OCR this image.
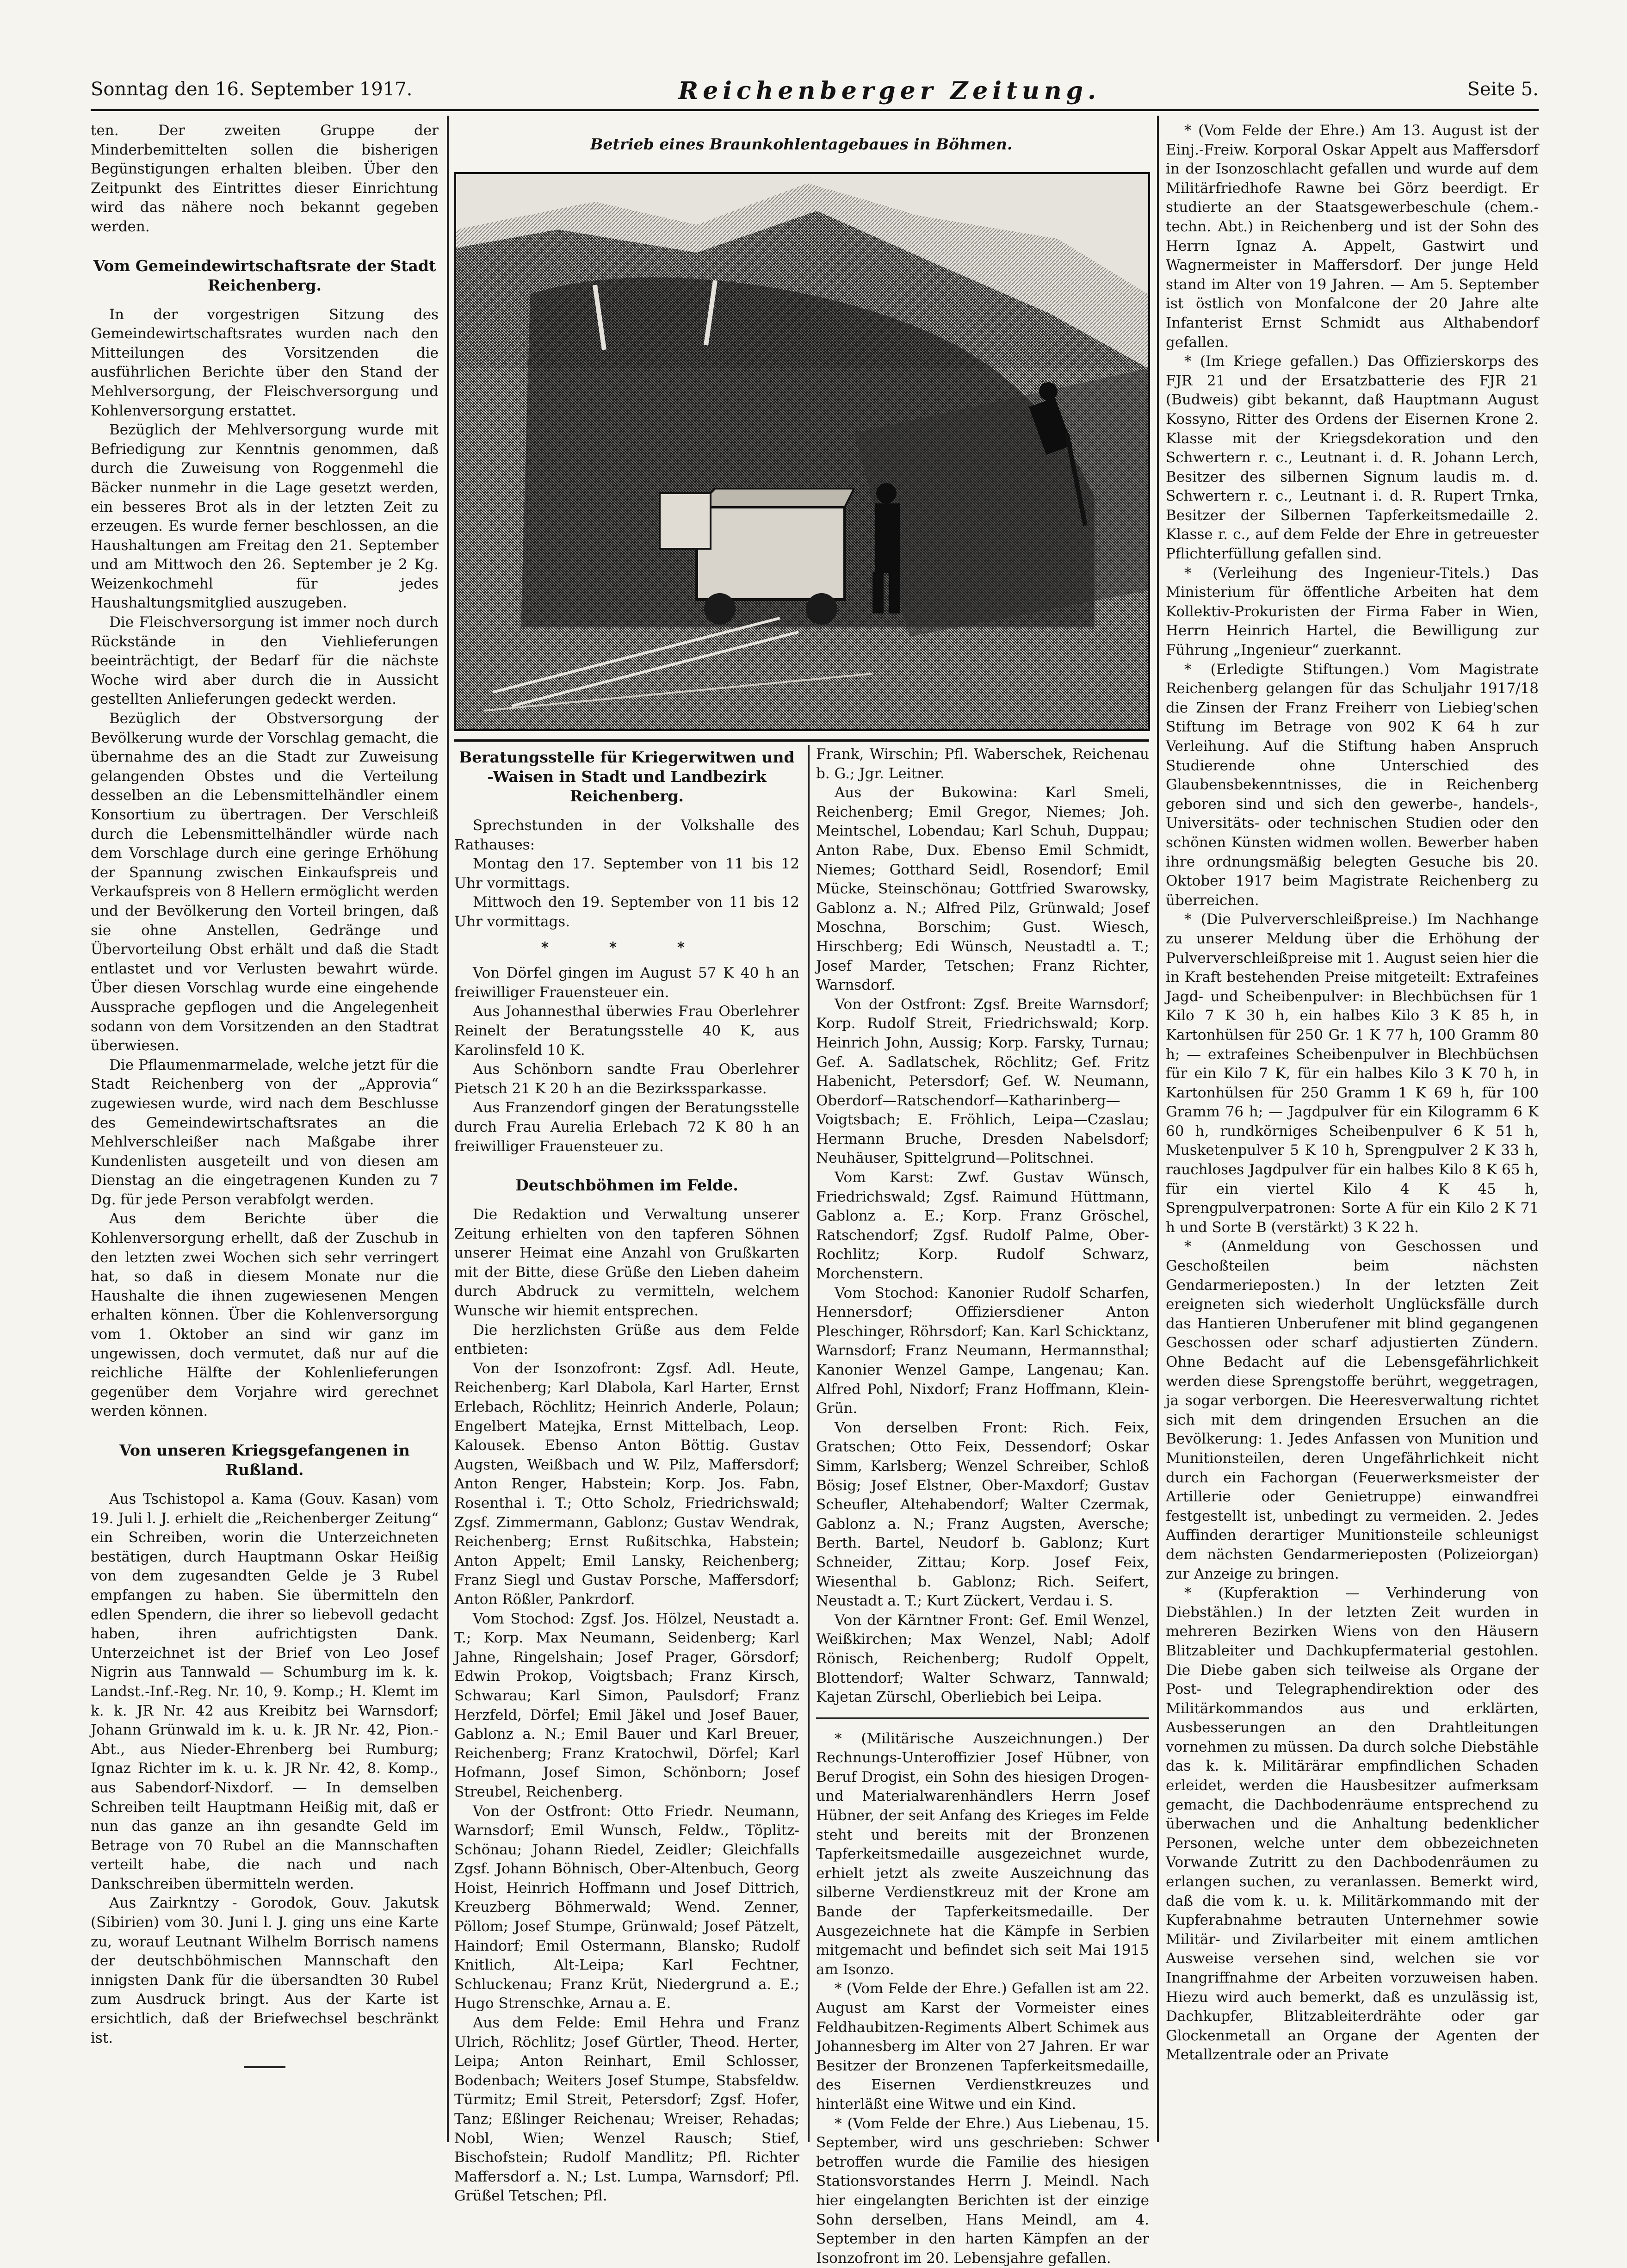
Sonntag den 16. September 1917.	Reichenberger Zeitung.	Seite 5.

ten. Der zweiten Gruppe der Minderbemittelten sollen die bisherigen Begünstigungen erhalten bleiben. Über den Zeitpunkt des Eintrittes dieser Einrichtung wird das nähere noch bekannt gegeben werden.

Vom Gemeindewirtschaftsrate der Stadt Reichenberg.

In der vorgestrigen Sitzung des Gemeindewirtschaftsrates wurden nach den Mitteilungen des Vorsitzenden die ausführlichen Berichte über den Stand der Mehlversorgung, der Fleischversorgung und Kohlenversorgung erstattet.

Bezüglich der Mehlversorgung wurde mit Befriedigung zur Kenntnis genommen, daß durch die Zuweisung von Roggenmehl die Bäcker nunmehr in die Lage gesetzt werden, ein besseres Brot als in der letzten Zeit zu erzeugen. Es wurde ferner beschlossen, an die Haushaltungen am Freitag den 21. September und am Mittwoch den 26. September je 2 Kg. Weizenkochmehl für jedes Haushaltungsmitglied auszugeben.

Die Fleischversorgung ist immer noch durch Rückstände in den Viehlieferungen beeinträchtigt, der Bedarf für die nächste Woche wird aber durch die in Aussicht gestellten Anlieferungen gedeckt werden.

Bezüglich der Obstversorgung der Bevölkerung wurde der Vorschlag gemacht, die übernahme des an die Stadt zur Zuweisung gelangenden Obstes und die Verteilung desselben an die Lebensmittelhändler einem Konsortium zu übertragen. Der Verschleiß durch die Lebensmittelhändler würde nach dem Vorschlage durch eine geringe Erhöhung der Spannung zwischen Einkaufspreis und Verkaufspreis von 8 Hellern ermöglicht werden und der Bevölkerung den Vorteil bringen, daß sie ohne Anstellen, Gedränge und Übervorteilung Obst erhält und daß die Stadt entlastet und vor Verlusten bewahrt würde. Über diesen Vorschlag wurde eine eingehende Aussprache gepflogen und die Angelegenheit sodann von dem Vorsitzenden an den Stadtrat überwiesen.

Die Pflaumenmarmelade, welche jetzt für die Stadt Reichenberg von der „Approvia“ zugewiesen wurde, wird nach dem Beschlusse des Gemeindewirtschaftsrates an die Mehlverschleißer nach Maßgabe ihrer Kundenlisten ausgeteilt und von diesen am Dienstag an die eingetragenen Kunden zu 7 Dg. für jede Person verabfolgt werden.

Aus dem Berichte über die Kohlenversorgung erhellt, daß der Zuschub in den letzten zwei Wochen sich sehr verringert hat, so daß in diesem Monate nur die Haushalte die ihnen zugewiesenen Mengen erhalten können. Über die Kohlenversorgung vom 1. Oktober an sind wir ganz im ungewissen, doch vermutet, daß nur auf die reichliche Hälfte der Kohlenlieferungen gegenüber dem Vorjahre wird gerechnet werden können.

Von unseren Kriegsgefangenen in Rußland.

Aus Tschistopol a. Kama (Gouv. Kasan) vom 19. Juli l. J. erhielt die „Reichenberger Zeitung“ ein Schreiben, worin die Unterzeichneten bestätigen, durch Hauptmann Oskar Heißig von dem zugesandten Gelde je 3 Rubel empfangen zu haben. Sie übermitteln den edlen Spendern, die ihrer so liebevoll gedacht haben, ihren aufrichtigsten Dank. Unterzeichnet ist der Brief von Leo Josef Nigrin aus Tannwald — Schumburg im k. k. Landst.-Inf.-Reg. Nr. 10, 9. Komp.; H. Klemt im k. k. JR Nr. 42 aus Kreibitz bei Warnsdorf; Johann Grünwald im k. u. k. JR Nr. 42, Pion.-Abt., aus Nieder-Ehrenberg bei Rumburg; Ignaz Richter im k. u. k. JR Nr. 42, 8. Komp., aus Sabendorf-Nixdorf. — In demselben Schreiben teilt Hauptmann Heißig mit, daß er nun das ganze an ihn gesandte Geld im Betrage von 70 Rubel an die Mannschaften verteilt habe, die nach und nach Dankschreiben übermitteln werden.

Aus Zairkntzy - Gorodok, Gouv. Jakutsk (Sibirien) vom 30. Juni l. J. ging uns eine Karte zu, worauf Leutnant Wilhelm Borrisch namens der deutschböhmischen Mannschaft den innigsten Dank für die übersandten 30 Rubel zum Ausdruck bringt. Aus der Karte ist ersichtlich, daß der Briefwechsel beschränkt ist.

Betrieb eines Braunkohlentagebaues in Böhmen.
Beratungsstelle für Kriegerwitwen und -Waisen in Stadt und Landbezirk Reichenberg.

Sprechstunden in der Volkshalle des Rathauses:

Montag den 17. September von 11 bis 12 Uhr vormittags.

Mittwoch den 19. September von 11 bis 12 Uhr vormittags.

* * *

Von Dörfel gingen im August 57 K 40 h an freiwilliger Frauensteuer ein.

Aus Johannesthal überwies Frau Oberlehrer Reinelt der Beratungsstelle 40 K, aus Karolinsfeld 10 K.

Aus Schönborn sandte Frau Oberlehrer Pietsch 21 K 20 h an die Bezirkssparkasse.

Aus Franzendorf gingen der Beratungsstelle durch Frau Aurelia Erlebach 72 K 80 h an freiwilliger Frauensteuer zu.

Deutschböhmen im Felde.

Die Redaktion und Verwaltung unserer Zeitung erhielten von den tapferen Söhnen unserer Heimat eine Anzahl von Grußkarten mit der Bitte, diese Grüße den Lieben daheim durch Abdruck zu vermitteln, welchem Wunsche wir hiemit entsprechen.

Die herzlichsten Grüße aus dem Felde entbieten:

Von der Isonzofront: Zgsf. Adl. Heute, Reichenberg; Karl Dlabola, Karl Harter, Ernst Erlebach, Röchlitz; Heinrich Anderle, Polaun; Engelbert Matejka, Ernst Mittelbach, Leop. Kalousek. Ebenso Anton Böttig. Gustav Augsten, Weißbach und W. Pilz, Maffersdorf; Anton Renger, Habstein; Korp. Jos. Fabn, Rosenthal i. T.; Otto Scholz, Friedrichswald; Zgsf. Zimmermann, Gablonz; Gustav Wendrak, Reichenberg; Ernst Rußitschka, Habstein; Anton Appelt; Emil Lansky, Reichenberg; Franz Siegl und Gustav Porsche, Maffersdorf; Anton Rößler, Pankrdorf.

Vom Stochod: Zgsf. Jos. Hölzel, Neustadt a. T.; Korp. Max Neumann, Seidenberg; Karl Jahne, Ringelshain; Josef Prager, Görsdorf; Edwin Prokop, Voigtsbach; Franz Kirsch, Schwarau; Karl Simon, Paulsdorf; Franz Herzfeld, Dörfel; Emil Jäkel und Josef Bauer, Gablonz a. N.; Emil Bauer und Karl Breuer, Reichenberg; Franz Kratochwil, Dörfel; Karl Hofmann, Josef Simon, Schönborn; Josef Streubel, Reichenberg.

Von der Ostfront: Otto Friedr. Neumann, Warnsdorf; Emil Wunsch, Feldw., Töplitz-Schönau; Johann Riedel, Zeidler; Gleichfalls Zgsf. Johann Böhnisch, Ober-Altenbuch, Georg Hoist, Heinrich Hoffmann und Josef Dittrich, Kreuzberg Böhmerwald; Wend. Zenner, Pöllom; Josef Stumpe, Grünwald; Josef Pätzelt, Haindorf; Emil Ostermann, Blansko; Rudolf Knitlich, Alt-Leipa; Karl Fechtner, Schluckenau; Franz Krüt, Niedergrund a. E.; Hugo Strenschke, Arnau a. E.

Aus dem Felde: Emil Hehra und Franz Ulrich, Röchlitz; Josef Gürtler, Theod. Herter, Leipa; Anton Reinhart, Emil Schlosser, Bodenbach; Weiters Josef Stumpe, Stabsfeldw. Türmitz; Emil Streit, Petersdorf; Zgsf. Hofer, Tanz; Eßlinger Reichenau; Wreiser, Rehadas; Nobl, Wien; Wenzel Rausch; Stief, Bischofstein; Rudolf Mandlitz; Pfl. Richter Maffersdorf a. N.; Lst. Lumpa, Warnsdorf; Pfl. Grüßel Tetschen; Pfl.

Frank, Wirschin; Pfl. Waberschek, Reichenau b. G.; Jgr. Leitner.

Aus der Bukowina: Karl Smeli, Reichenberg; Emil Gregor, Niemes; Joh. Meintschel, Lobendau; Karl Schuh, Duppau; Anton Rabe, Dux. Ebenso Emil Schmidt, Niemes; Gotthard Seidl, Rosendorf; Emil Mücke, Steinschönau; Gottfried Swarowsky, Gablonz a. N.; Alfred Pilz, Grünwald; Josef Moschna, Borschim; Gust. Wiesch, Hirschberg; Edi Wünsch, Neustadtl a. T.; Josef Marder, Tetschen; Franz Richter, Warnsdorf.

Von der Ostfront: Zgsf. Breite Warnsdorf; Korp. Rudolf Streit, Friedrichswald; Korp. Heinrich John, Aussig; Korp. Farsky, Turnau; Gef. A. Sadlatschek, Röchlitz; Gef. Fritz Habenicht, Petersdorf; Gef. W. Neumann, Oberdorf—Ratschendorf—Katharinberg—Voigtsbach; E. Fröhlich, Leipa—Czaslau; Hermann Bruche, Dresden Nabelsdorf; Neuhäuser, Spittelgrund—Politschnei.

Vom Karst: Zwf. Gustav Wünsch, Friedrichswald; Zgsf. Raimund Hüttmann, Gablonz a. E.; Korp. Franz Gröschel, Ratschendorf; Zgsf. Rudolf Palme, Ober-Rochlitz; Korp. Rudolf Schwarz, Morchenstern.

Vom Stochod: Kanonier Rudolf Scharfen, Hennersdorf; Offiziersdiener Anton Pleschinger, Röhrsdorf; Kan. Karl Schicktanz, Warnsdorf; Franz Neumann, Hermannsthal; Kanonier Wenzel Gampe, Langenau; Kan. Alfred Pohl, Nixdorf; Franz Hoffmann, Klein-Grün.

Von derselben Front: Rich. Feix, Gratschen; Otto Feix, Dessendorf; Oskar Simm, Karlsberg; Wenzel Schreiber, Schloß Bösig; Josef Elstner, Ober-Maxdorf; Gustav Scheufler, Altehabendorf; Walter Czermak, Gablonz a. N.; Franz Augsten, Aversche; Berth. Bartel, Neudorf b. Gablonz; Kurt Schneider, Zittau; Korp. Josef Feix, Wiesenthal b. Gablonz; Rich. Seifert, Neustadt a. T.; Kurt Zückert, Verdau i. S.

Von der Kärntner Front: Gef. Emil Wenzel, Weißkirchen; Max Wenzel, Nabl; Adolf Rönisch, Reichenberg; Rudolf Oppelt, Blottendorf; Walter Schwarz, Tannwald; Kajetan Zürschl, Oberliebich bei Leipa.

* (Militärische Auszeichnungen.) Der Rechnungs-Unteroffizier Josef Hübner, von Beruf Drogist, ein Sohn des hiesigen Drogen- und Materialwarenhändlers Herrn Josef Hübner, der seit Anfang des Krieges im Felde steht und bereits mit der Bronzenen Tapferkeitsmedaille ausgezeichnet wurde, erhielt jetzt als zweite Auszeichnung das silberne Verdienstkreuz mit der Krone am Bande der Tapferkeitsmedaille. Der Ausgezeichnete hat die Kämpfe in Serbien mitgemacht und befindet sich seit Mai 1915 am Isonzo.

* (Vom Felde der Ehre.) Gefallen ist am 22. August am Karst der Vormeister eines Feldhaubitzen-Regiments Albert Schimek aus Johannesberg im Alter von 27 Jahren. Er war Besitzer der Bronzenen Tapferkeitsmedaille, des Eisernen Verdienstkreuzes und hinterläßt eine Witwe und ein Kind.

* (Vom Felde der Ehre.) Aus Liebenau, 15. September, wird uns geschrieben: Schwer betroffen wurde die Familie des hiesigen Stationsvorstandes Herrn J. Meindl. Nach hier eingelangten Berichten ist der einzige Sohn derselben, Hans Meindl, am 4. September in den harten Kämpfen an der Isonzofront im 20. Lebensjahre gefallen.

* (Vom Felde der Ehre.) Am 13. August ist der Einj.-Freiw. Korporal Oskar Appelt aus Maffersdorf in der Isonzoschlacht gefallen und wurde auf dem Militärfriedhofe Rawne bei Görz beerdigt. Er studierte an der Staatsgewerbeschule (chem.-techn. Abt.) in Reichenberg und ist der Sohn des Herrn Ignaz A. Appelt, Gastwirt und Wagnermeister in Maffersdorf. Der junge Held stand im Alter von 19 Jahren. — Am 5. September ist östlich von Monfalcone der 20 Jahre alte Infanterist Ernst Schmidt aus Althabendorf gefallen.

* (Im Kriege gefallen.) Das Offizierskorps des FJR 21 und der Ersatzbatterie des FJR 21 (Budweis) gibt bekannt, daß Hauptmann August Kossyno, Ritter des Ordens der Eisernen Krone 2. Klasse mit der Kriegsdekoration und den Schwertern r. c., Leutnant i. d. R. Johann Lerch, Besitzer des silbernen Signum laudis m. d. Schwertern r. c., Leutnant i. d. R. Rupert Trnka, Besitzer der Silbernen Tapferkeitsmedaille 2. Klasse r. c., auf dem Felde der Ehre in getreuester Pflichterfüllung gefallen sind.

* (Verleihung des Ingenieur-Titels.) Das Ministerium für öffentliche Arbeiten hat dem Kollektiv-Prokuristen der Firma Faber in Wien, Herrn Heinrich Hartel, die Bewilligung zur Führung „Ingenieur“ zuerkannt.

* (Erledigte Stiftungen.) Vom Magistrate Reichenberg gelangen für das Schuljahr 1917/18 die Zinsen der Franz Freiherr von Liebieg'schen Stiftung im Betrage von 902 K 64 h zur Verleihung. Auf die Stiftung haben Anspruch Studierende ohne Unterschied des Glaubensbekenntnisses, die in Reichenberg geboren sind und sich den gewerbe-, handels-, Universitäts- oder technischen Studien oder den schönen Künsten widmen wollen. Bewerber haben ihre ordnungsmäßig belegten Gesuche bis 20. Oktober 1917 beim Magistrate Reichenberg zu überreichen.

* (Die Pulververschleißpreise.) Im Nachhange zu unserer Meldung über die Erhöhung der Pulververschleißpreise mit 1. August seien hier die in Kraft bestehenden Preise mitgeteilt: Extrafeines Jagd- und Scheibenpulver: in Blechbüchsen für 1 Kilo 7 K 30 h, ein halbes Kilo 3 K 85 h, in Kartonhülsen für 250 Gr. 1 K 77 h, 100 Gramm 80 h; — extrafeines Scheibenpulver in Blechbüchsen für ein Kilo 7 K, für ein halbes Kilo 3 K 70 h, in Kartonhülsen für 250 Gramm 1 K 69 h, für 100 Gramm 76 h; — Jagdpulver für ein Kilogramm 6 K 60 h, rundkörniges Scheibenpulver 6 K 51 h, Musketenpulver 5 K 10 h, Sprengpulver 2 K 33 h, rauchloses Jagdpulver für ein halbes Kilo 8 K 65 h, für ein viertel Kilo 4 K 45 h, Sprengpulverpatronen: Sorte A für ein Kilo 2 K 71 h und Sorte B (verstärkt) 3 K 22 h.

* (Anmeldung von Geschossen und Geschoßteilen beim nächsten Gendarmerieposten.) In der letzten Zeit ereigneten sich wiederholt Unglücksfälle durch das Hantieren Unberufener mit blind gegangenen Geschossen oder scharf adjustierten Zündern. Ohne Bedacht auf die Lebensgefährlichkeit werden diese Sprengstoffe berührt, weggetragen, ja sogar verborgen. Die Heeresverwaltung richtet sich mit dem dringenden Ersuchen an die Bevölkerung: 1. Jedes Anfassen von Munition und Munitionsteilen, deren Ungefährlichkeit nicht durch ein Fachorgan (Feuerwerksmeister der Artillerie oder Genietruppe) einwandfrei festgestellt ist, unbedingt zu vermeiden. 2. Jedes Auffinden derartiger Munitionsteile schleunigst dem nächsten Gendarmerieposten (Polizeiorgan) zur Anzeige zu bringen.

* (Kupferaktion — Verhinderung von Diebstählen.) In der letzten Zeit wurden in mehreren Bezirken Wiens von den Häusern Blitzableiter und Dachkupfermaterial gestohlen. Die Diebe gaben sich teilweise als Organe der Post- und Telegraphendirektion oder des Militärkommandos aus und erklärten, Ausbesserungen an den Drahtleitungen vornehmen zu müssen. Da durch solche Diebstähle das k. k. Militärärar empfindlichen Schaden erleidet, werden die Hausbesitzer aufmerksam gemacht, die Dachbodenräume entsprechend zu überwachen und die Anhaltung bedenklicher Personen, welche unter dem obbezeichneten Vorwande Zutritt zu den Dachbodenräumen zu erlangen suchen, zu veranlassen. Bemerkt wird, daß die vom k. u. k. Militärkommando mit der Kupferabnahme betrauten Unternehmer sowie Militär- und Zivilarbeiter mit einem amtlichen Ausweise versehen sind, welchen sie vor Inangriffnahme der Arbeiten vorzuweisen haben. Hiezu wird auch bemerkt, daß es unzulässig ist, Dachkupfer, Blitzableiterdrähte oder gar Glockenmetall an Organe der Agenten der Metallzentrale oder an Private
